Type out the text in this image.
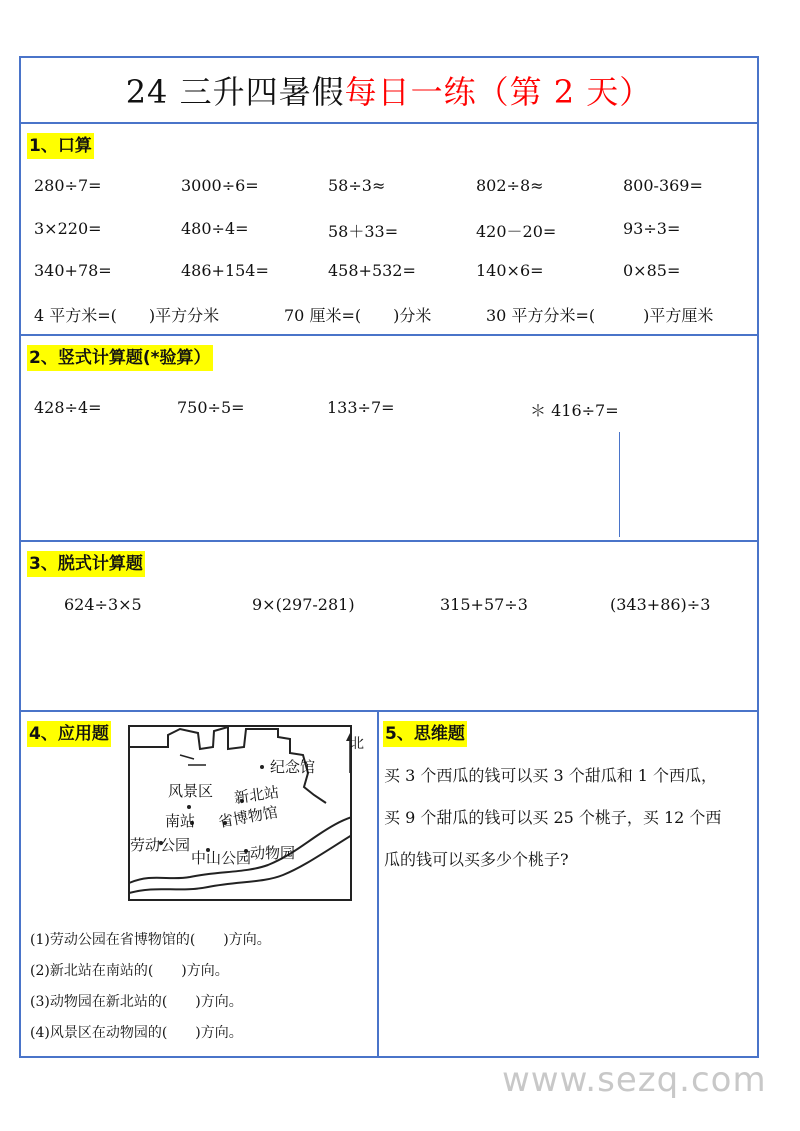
24 三升四暑假 每日一练（第 2 天）
1、口算
280÷7=	3000÷6=	58÷3≈	802÷8≈	800-369=
3×220=	480÷4=	58＋33=	420－20=	93÷3=
340+78=	486+154=	458+532=	140×6=	0×85=
4 平方米=(　　)平方分米	70 厘米=(　　)分米	30 平方分米=(　　　)平方厘米
2、竖式计算题(*验算）
428÷4=	750÷5=	133÷7=	＊ 416÷7=
3、脱式计算题
624÷3×5	9×(297-281)	315+57÷3	(343+86)÷3
4、应用题	北
纪念馆
风景区 新北站
南站 省博物馆
劳动公园
中山公园
动物园
(1)劳动公园在省博物馆的(　　)方向。
(2)新北站在南站的(　　)方向。
(3)动物园在新北站的(　　)方向。
(4)风景区在动物园的(　　)方向。
5、思维题
买 3 个西瓜的钱可以买 3 个甜瓜和 1 个西瓜，
买 9 个甜瓜的钱可以买 25 个桃子，买 12 个西
瓜的钱可以买多少个桃子?
www.sezq.com
